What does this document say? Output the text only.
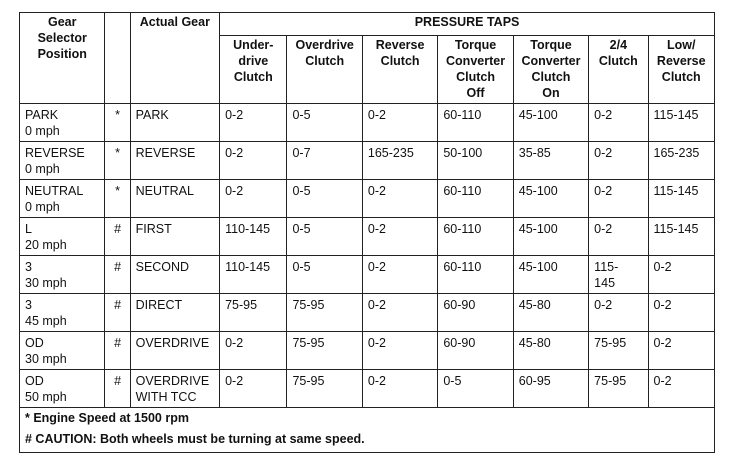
Gear
Selector
Position		Actual Gear	PRESSURE TAPS						

			Under-
drive
Clutch	Overdrive
Clutch	Reverse
Clutch	Torque
Converter
Clutch
Off	Torque
Converter
Clutch
On	2/4
Clutch	Low/
Reverse
Clutch

PARK
0 mph	*	PARK	0-2	0-5	0-2	60-110	45-100	0-2	115-145

REVERSE
0 mph	*	REVERSE	0-2	0-7	165-235	50-100	35-85	0-2	165-235

NEUTRAL
0 mph	*	NEUTRAL	0-2	0-5	0-2	60-110	45-100	0-2	115-145

L
20 mph	#	FIRST	110-145	0-5	0-2	60-110	45-100	0-2	115-145

3
30 mph	#	SECOND	110-145	0-5	0-2	60-110	45-100	115-
145	0-2

3
45 mph	#	DIRECT	75-95	75-95	0-2	60-90	45-80	0-2	0-2

OD
30 mph	#	OVERDRIVE	0-2	75-95	0-2	60-90	45-80	75-95	0-2

OD
50 mph	#	OVERDRIVE
WITH TCC	0-2	75-95	0-2	0-5	60-95	75-95	0-2

* Engine Speed at 1500 rpm									
# CAUTION: Both wheels must be turning at same speed.									
